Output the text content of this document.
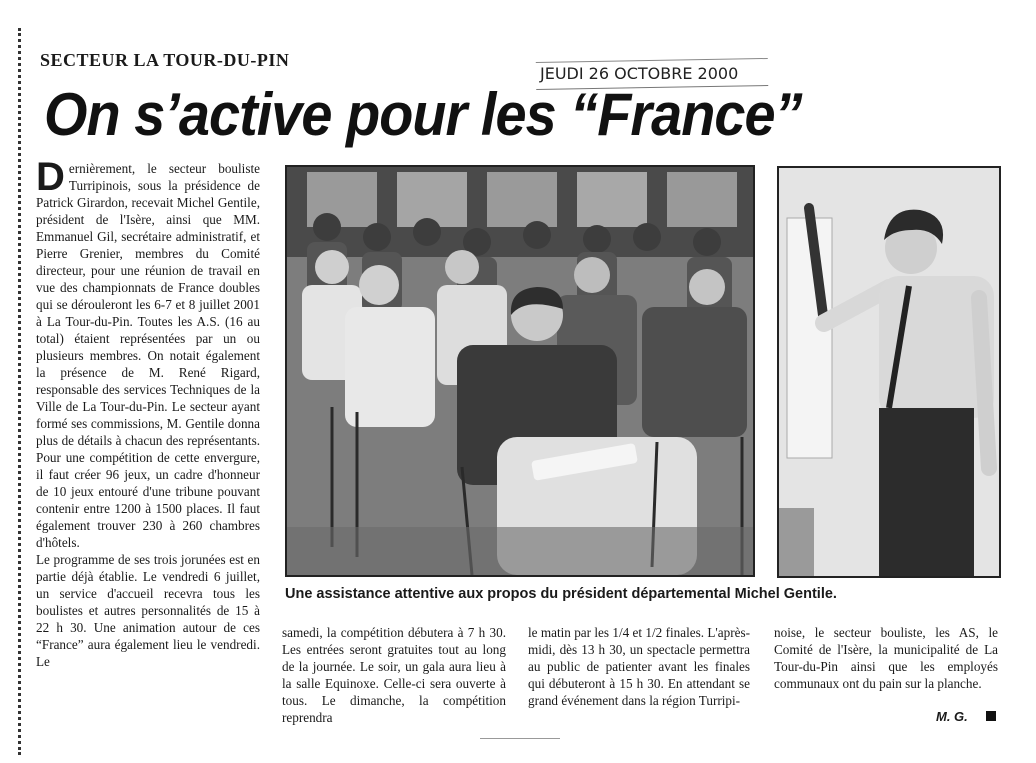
SECTEUR LA TOUR-DU-PIN
JEUDI 26 OCTOBRE 2000
On s’active pour les “France”

Dernièrement, le secteur bouliste Turripinois, sous la présidence de Patrick Girardon, recevait Michel Gentile, président de l'Isère, ainsi que MM. Emmanuel Gil, secrétaire administratif, et Pierre Grenier, membres du Comité directeur, pour une réunion de travail en vue des championnats de France doubles qui se dérouleront les 6-7 et 8 juillet 2001 à La Tour-du-Pin. Toutes les A.S. (16 au total) étaient représentées par un ou plusieurs membres. On notait également la présence de M. René Rigard, responsable des services Techniques de la Ville de La Tour-du-Pin. Le secteur ayant formé ses commissions, M. Gentile donna plus de détails à chacun des représentants. Pour une compétition de cette envergure, il faut créer 96 jeux, un cadre d'honneur de 10 jeux entouré d'une tribune pouvant contenir entre 1200 à 1500 places. Il faut également trouver 230 à 260 chambres d'hôtels.

Le programme de ses trois jorunées est en partie déjà établie. Le vendredi 6 juillet, un service d'accueil recevra tous les boulistes et autres personnalités de 15 à 22 h 30. Une animation autour de ces “France” aura également lieu le vendredi. Le

Une assistance attentive aux propos du président départemental Michel Gentile.
samedi, la compétition débutera à 7 h 30. Les entrées seront gratuites tout au long de la journée. Le soir, un gala aura lieu à la salle Equinoxe. Celle-ci sera ouverte à tous. Le dimanche, la compétition reprendra
le matin par les 1/4 et 1/2 finales. L'après-midi, dès 13 h 30, un spectacle permettra au public de patienter avant les finales qui débuteront à 15 h 30. En attendant se grand événement dans la région Turripi-
noise, le secteur bouliste, les AS, le Comité de l'Isère, la municipalité de La Tour-du-Pin ainsi que les employés communaux ont du pain sur la planche.
M. G.
